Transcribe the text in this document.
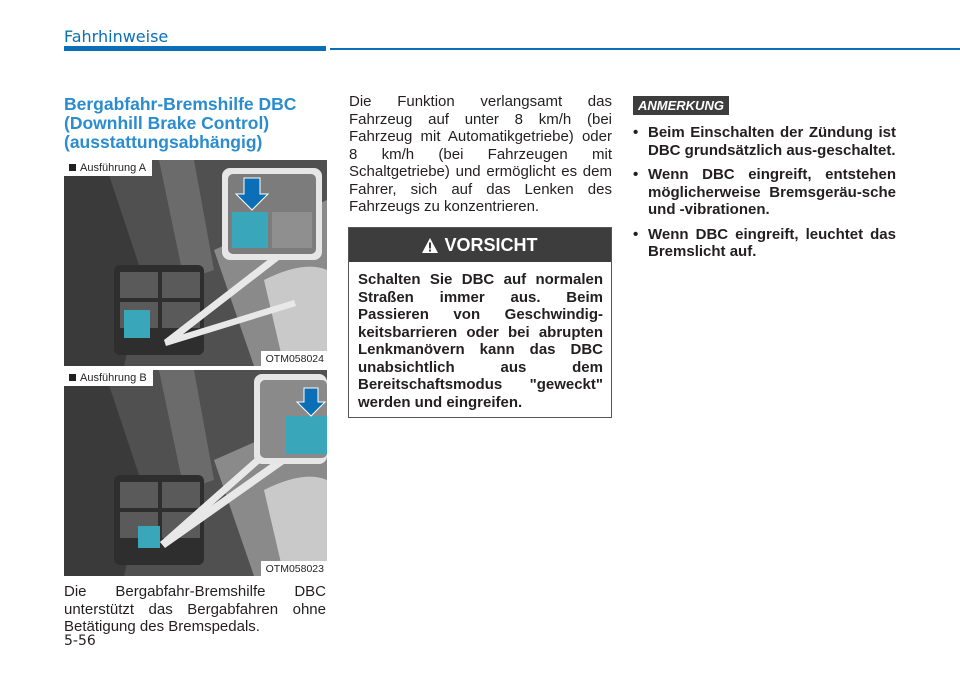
Fahrhinweise
Bergabfahr-Bremshilfe DBC (Downhill Brake Control) (ausstattungsabhängig)
Ausführung A
OTM058024
Ausführung B
OTM058023

Die Bergabfahr-Bremshilfe DBC unterstützt das Bergabfahren ohne Betätigung des Bremspedals.

Die Funktion verlangsamt das Fahrzeug auf unter 8 km/h (bei Fahrzeug mit Automatikgetriebe) oder 8 km/h (bei Fahrzeugen mit Schaltgetriebe) und ermöglicht es dem Fahrer, sich auf das Lenken des Fahrzeugs zu konzentrieren.

VORSICHT
Schalten Sie DBC auf normalen Straßen immer aus. Beim Passieren von Geschwindig-keitsbarrieren oder bei abrupten Lenkmanövern kann das DBC unabsichtlich aus dem Bereitschaftsmodus "geweckt" werden und eingreifen.
ANMERKUNG
• Beim Einschalten der Zündung ist DBC grundsätzlich aus-geschaltet.
• Wenn DBC eingreift, entstehen möglicherweise Bremsgeräu-sche und -vibrationen.
• Wenn DBC eingreift, leuchtet das Bremslicht auf.
5-56
